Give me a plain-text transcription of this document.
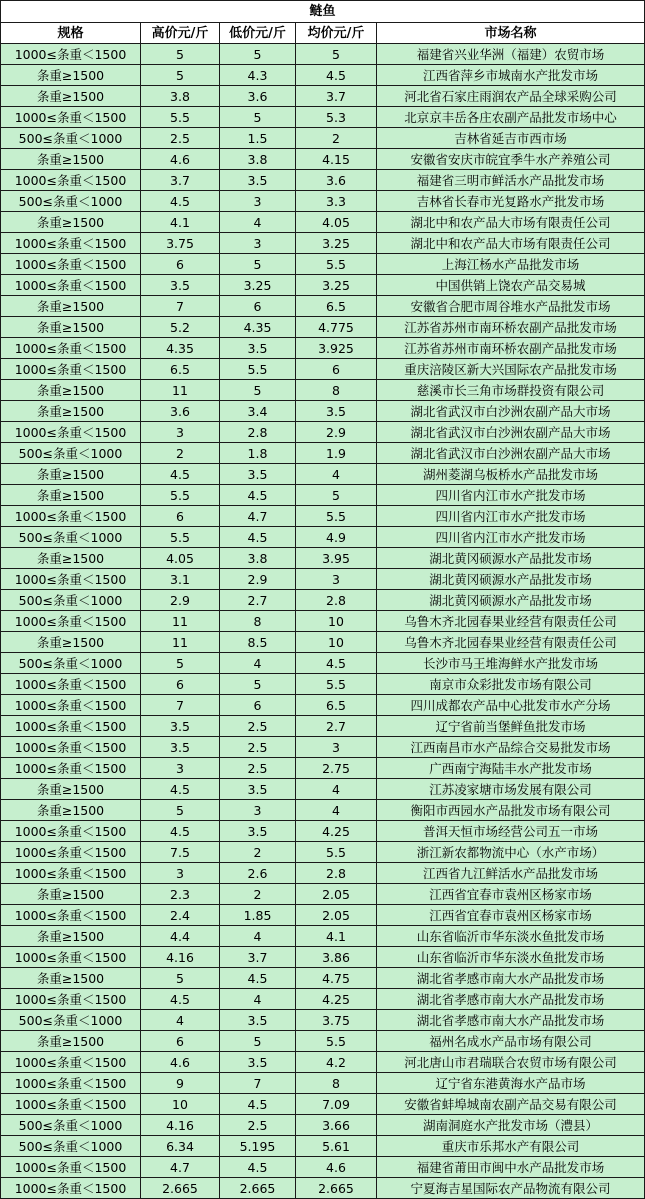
鲢鱼				
规格	高价元/斤	低价元/斤	均价元/斤	市场名称
1000≤条重＜1500	5	5	5	福建省兴业华洲（福建）农贸市场
条重≥1500	5	4.3	4.5	江西省萍乡市城南水产批发市场
条重≥1500	3.8	3.6	3.7	河北省石家庄雨润农产品全球采购公司
1000≤条重＜1500	5.5	5	5.3	北京京丰岳各庄农副产品批发市场中心
500≤条重＜1000	2.5	1.5	2	吉林省延吉市西市场
条重≥1500	4.6	3.8	4.15	安徽省安庆市皖宜季牛水产养殖公司
1000≤条重＜1500	3.7	3.5	3.6	福建省三明市鲜活水产品批发市场
500≤条重＜1000	4.5	3	3.3	吉林省长春市光复路水产批发市场
条重≥1500	4.1	4	4.05	湖北中和农产品大市场有限责任公司
1000≤条重＜1500	3.75	3	3.25	湖北中和农产品大市场有限责任公司
1000≤条重＜1500	6	5	5.5	上海江杨水产品批发市场
1000≤条重＜1500	3.5	3.25	3.25	中国供销上饶农产品交易城
条重≥1500	7	6	6.5	安徽省合肥市周谷堆水产品批发市场
条重≥1500	5.2	4.35	4.775	江苏省苏州市南环桥农副产品批发市场
1000≤条重＜1500	4.35	3.5	3.925	江苏省苏州市南环桥农副产品批发市场
1000≤条重＜1500	6.5	5.5	6	重庆涪陵区新大兴国际农产品批发市场
条重≥1500	11	5	8	慈溪市长三角市场群投资有限公司
条重≥1500	3.6	3.4	3.5	湖北省武汉市白沙洲农副产品大市场
1000≤条重＜1500	3	2.8	2.9	湖北省武汉市白沙洲农副产品大市场
500≤条重＜1000	2	1.8	1.9	湖北省武汉市白沙洲农副产品大市场
条重≥1500	4.5	3.5	4	湖州菱湖乌板桥水产品批发市场
条重≥1500	5.5	4.5	5	四川省内江市水产批发市场
1000≤条重＜1500	6	4.7	5.5	四川省内江市水产批发市场
500≤条重＜1000	5.5	4.5	4.9	四川省内江市水产批发市场
条重≥1500	4.05	3.8	3.95	湖北黄冈硕源水产品批发市场
1000≤条重＜1500	3.1	2.9	3	湖北黄冈硕源水产品批发市场
500≤条重＜1000	2.9	2.7	2.8	湖北黄冈硕源水产品批发市场
1000≤条重＜1500	11	8	10	乌鲁木齐北园春果业经营有限责任公司
条重≥1500	11	8.5	10	乌鲁木齐北园春果业经营有限责任公司
500≤条重＜1000	5	4	4.5	长沙市马王堆海鲜水产批发市场
1000≤条重＜1500	6	5	5.5	南京市众彩批发市场有限公司
1000≤条重＜1500	7	6	6.5	四川成都农产品中心批发市水产分场
1000≤条重＜1500	3.5	2.5	2.7	辽宁省前当堡鲜鱼批发市场
1000≤条重＜1500	3.5	2.5	3	江西南昌市水产品综合交易批发市场
1000≤条重＜1500	3	2.5	2.75	广西南宁海陆丰水产批发市场
条重≥1500	4.5	3.5	4	江苏凌家塘市场发展有限公司
条重≥1500	5	3	4	衡阳市西园水产品批发市场有限公司
1000≤条重＜1500	4.5	3.5	4.25	普洱天恒市场经营公司五一市场
1000≤条重＜1500	7.5	2	5.5	浙江新农都物流中心（水产市场）
1000≤条重＜1500	3	2.6	2.8	江西省九江鲜活水产品批发市场
条重≥1500	2.3	2	2.05	江西省宜春市袁州区杨家市场
1000≤条重＜1500	2.4	1.85	2.05	江西省宜春市袁州区杨家市场
条重≥1500	4.4	4	4.1	山东省临沂市华东淡水鱼批发市场
1000≤条重＜1500	4.16	3.7	3.86	山东省临沂市华东淡水鱼批发市场
条重≥1500	5	4.5	4.75	湖北省孝感市南大水产品批发市场
1000≤条重＜1500	4.5	4	4.25	湖北省孝感市南大水产品批发市场
500≤条重＜1000	4	3.5	3.75	湖北省孝感市南大水产品批发市场
条重≥1500	6	5	5.5	福州名成水产品市场有限公司
1000≤条重＜1500	4.6	3.5	4.2	河北唐山市君瑞联合农贸市场有限公司
1000≤条重＜1500	9	7	8	辽宁省东港黄海水产品市场
1000≤条重＜1500	10	4.5	7.09	安徽省蚌埠城南农副产品交易有限公司
500≤条重＜1000	4.16	2.5	3.66	湖南洞庭水产批发市场（澧县）
500≤条重＜1000	6.34	5.195	5.61	重庆市乐邦水产有限公司
1000≤条重＜1500	4.7	4.5	4.6	福建省莆田市闽中水产品批发市场
1000≤条重＜1500	2.665	2.665	2.665	宁夏海吉星国际农产品物流有限公司
